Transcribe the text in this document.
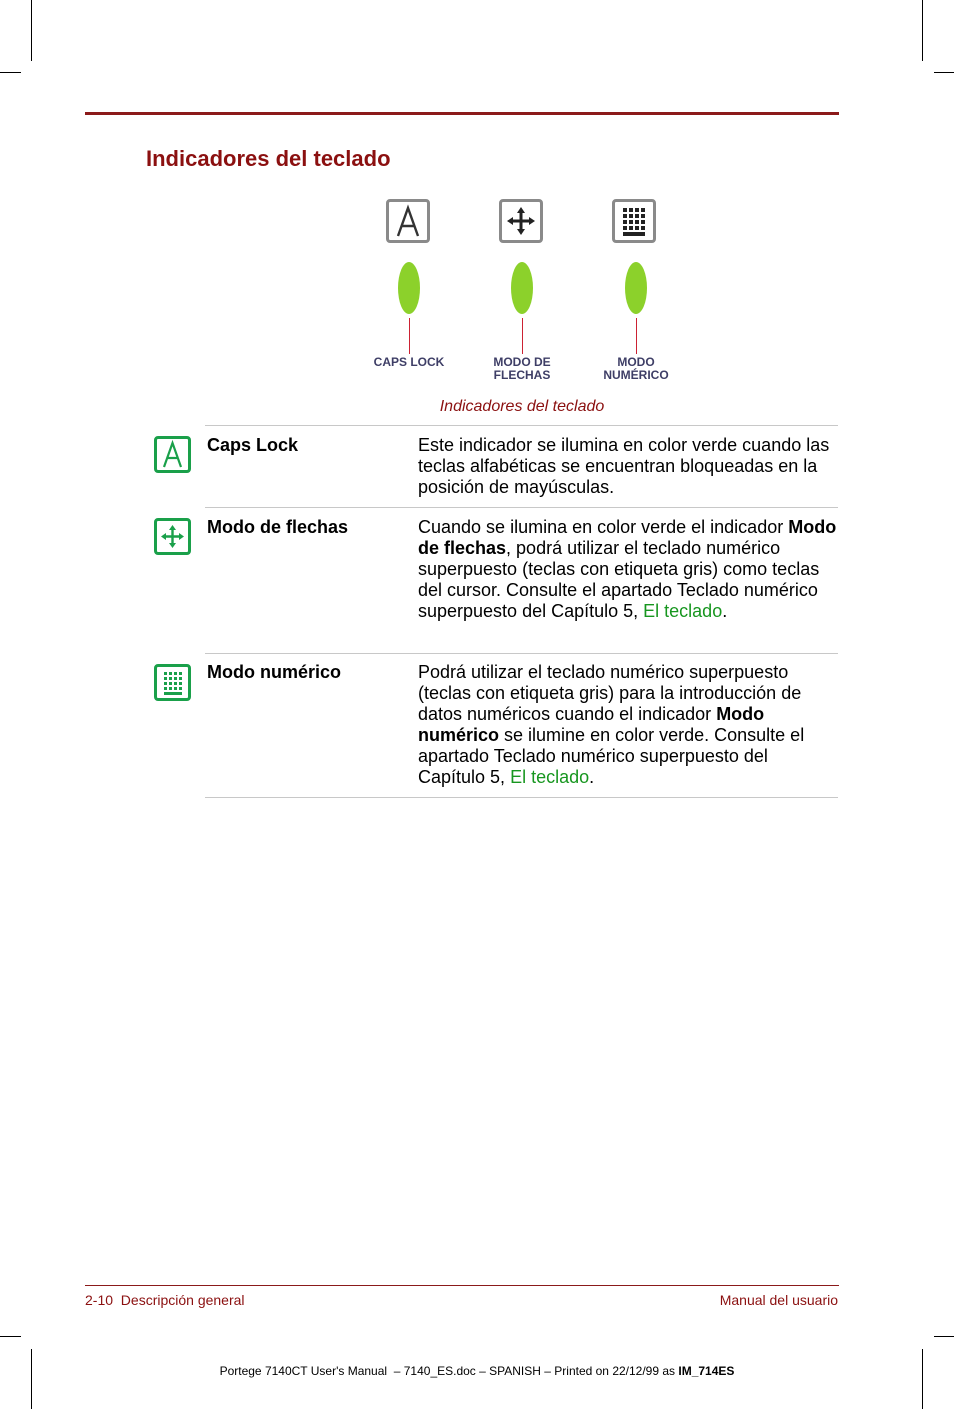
Indicadores del teclado
CAPS LOCK	MODO DE
FLECHAS
MODO
NUMÉRICO
Indicadores del teclado
Caps Lock	Este indicador se ilumina en color verde cuando las teclas alfabéticas se encuentran bloqueadas en la posición de mayúsculas.
Modo de flechas	Cuando se ilumina en color verde el indicador Modo de flechas, podrá utilizar el teclado numérico superpuesto (teclas con etiqueta gris) como teclas del cursor. Consulte el apartado Teclado numérico superpuesto del Capítulo 5, El teclado.
Modo numérico	Podrá utilizar el teclado numérico superpuesto (teclas con etiqueta gris) para la introducción de datos numéricos cuando el indicador Modo numérico se ilumine en color verde. Consulte el apartado Teclado numérico superpuesto del Capítulo 5, El teclado.
2-10  Descripción general	Manual del usuario
Portege 7140CT User's Manual  – 7140_ES.doc – SPANISH – Printed on 22/12/99 as IM_714ES
